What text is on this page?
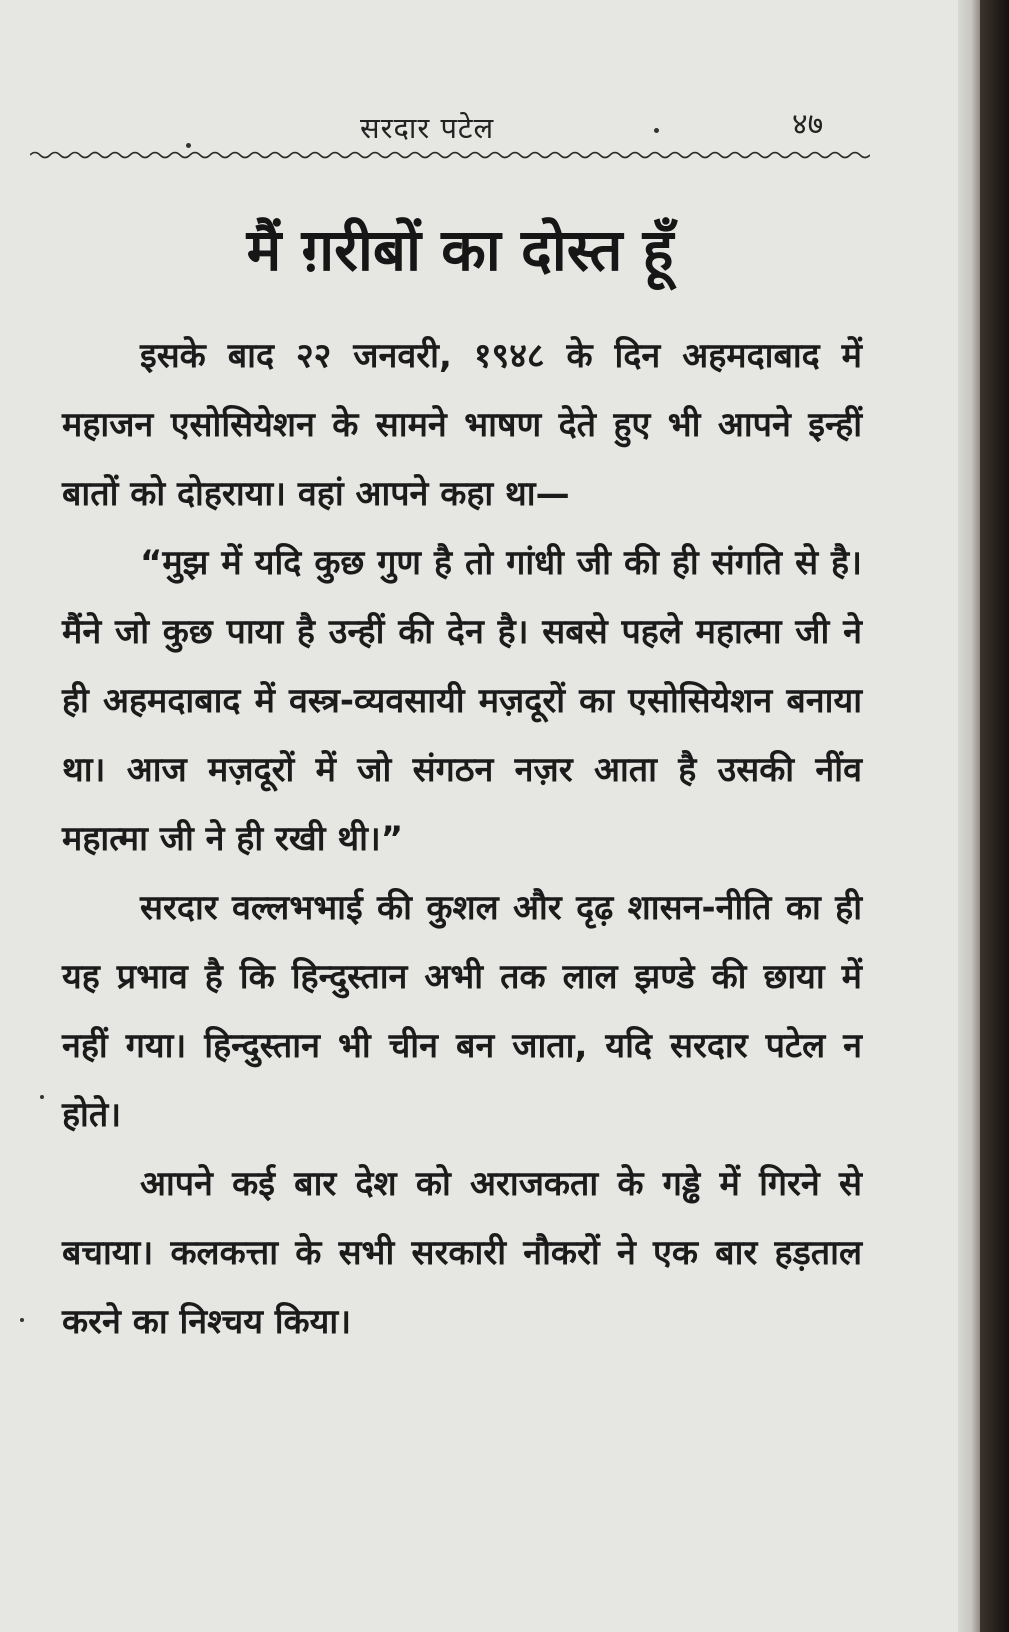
सरदार पटेल	४७
मैं ग़रीबों का दोस्त हूँ

इसके बाद २२ जनवरी, १९४८ के दिन अहमदाबाद में महाजन एसोसियेशन के सामने भाषण देते हुए भी आपने इन्हीं बातों को दोहराया। वहां आपने कहा था—

“मुझ में यदि कुछ गुण है तो गांधी जी की ही संगति से है। मैंने जो कुछ पाया है उन्हीं की देन है। सबसे पहले महात्मा जी ने ही अहमदाबाद में वस्त्र-व्यवसायी मज़दूरों का एसोसियेशन बनाया था। आज मज़दूरों में जो संगठन नज़र आता है उसकी नींव महात्मा जी ने ही रखी थी।”

सरदार वल्लभभाई की कुशल और दृढ़ शासन-नीति का ही यह प्रभाव है कि हिन्दुस्तान अभी तक लाल झण्डे की छाया में नहीं गया। हिन्दुस्तान भी चीन बन जाता, यदि सरदार पटेल न होते।

आपने कई बार देश को अराजकता के गड्ढे में गिरने से बचाया। कलकत्ता के सभी सरकारी नौकरों ने एक बार हड़ताल करने का निश्चय किया।
